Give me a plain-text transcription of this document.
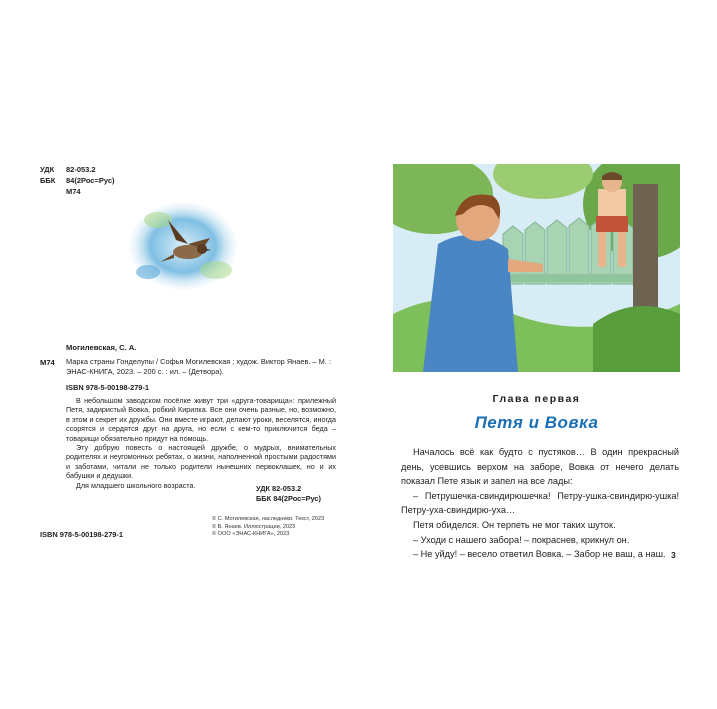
УДК	82-053.2
ББК	84(2Рос=Рус)
М74
Могилевская, С. А.
М74 Марка страны Гонделупы / Софья Могилевская ; худож. Виктор Янаев. – М. : ЭНАС-КНИГА, 2023. – 200 с. : ил. – (Детвора).
ISBN 978-5-00198-279-1

В небольшом заводском посёлке живут три «друга-товарища»: прилежный Петя, задиристый Вовка, робкий Кирилка. Все они очень разные, но, возможно, в этом и секрет их дружбы. Они вместе играют, делают уроки, веселятся, иногда ссорятся и сердятся друг на друга, но если с кем-то приключится беда – товарищи обязательно придут на помощь.

Эту добрую повесть о настоящей дружбе, о мудрых, внимательных родителях и неугомонных ребятах, о жизни, наполненной простыми радостями и заботами, читали не только родители нынешних первоклашек, но и их бабушки и дедушки.

Для младшего школьного возраста.	УДК 82-053.2
ББК 84(2Рос=Рус)
© С. Могилевская, наследники. Текст, 2023
© В. Янаев. Иллюстрации, 2023
© ООО «ЭНАС-КНИГА», 2023
ISBN 978-5-00198-279-1
Глава первая
Петя и Вовка

Началось всё как будто с пустяков… В один прекрасный день, усевшись верхом на заборе, Вовка от нечего делать показал Пете язык и запел на все лады:

– Петрушечка-свиндирюшечка! Петру-ушка-свиндирю-ушка! Петру-уха-свиндирю-уха…

Петя обиделся. Он терпеть не мог таких шуток.

– Уходи с нашего забора! – покраснев, крикнул он.

– Не уйду! – весело ответил Вовка. – Забор не ваш, а наш. 3
